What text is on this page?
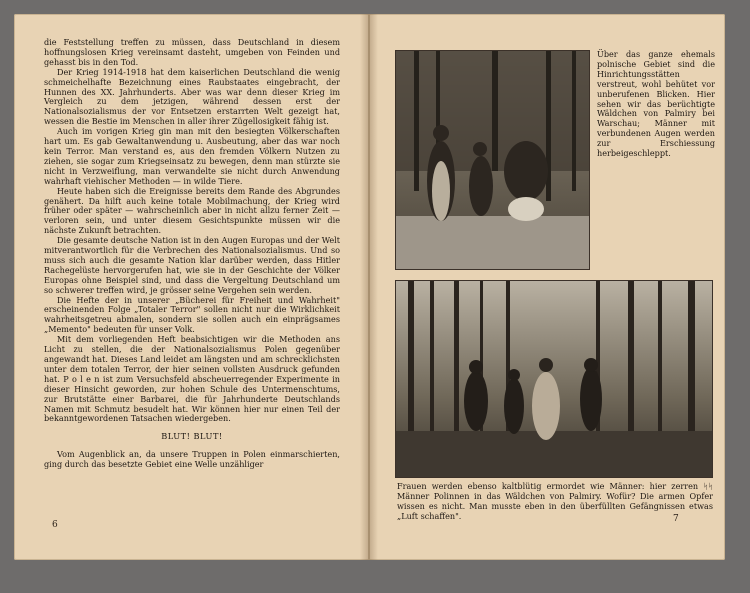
die Feststellung treffen zu müssen, dass Deutschland in diesem hoffnungslosen Krieg vereinsamt dasteht, umgeben von Feinden und gehasst bis in den Tod.

Der Krieg 1914-1918 hat dem kaiserlichen Deutschland die wenig schmeichelhafte Bezeichnung eines Raubstaates eingebracht, der Hunnen des XX. Jahrhunderts. Aber was war denn dieser Krieg im Vergleich zu dem jetzigen, während dessen erst der Nationalsozialismus der vor Entsetzen erstarrten Welt gezeigt hat, wessen die Bestie im Menschen in aller ihrer Zügellosigkeit fähig ist.

Auch im vorigen Krieg gin man mit den besiegten Völkerschaften hart um. Es gab Gewaltanwendung u. Ausbeutung, aber das war noch kein Terror. Man verstand es, aus den fremden Völkern Nutzen zu ziehen, sie sogar zum Kriegseinsatz zu bewegen, denn man stürzte sie nicht in Verzweiflung, man verwandelte sie nicht durch Anwendung wahrhaft viehischer Methoden — in wilde Tiere.

Heute haben sich die Ereignisse bereits dem Rande des Abgrundes genähert. Da hilft auch keine totale Mobilmachung, der Krieg wird früher oder später — wahrscheinlich aber in nicht allzu ferner Zeit — verloren sein, und unter diesem Gesichtspunkte müssen wir die nächste Zukunft betrachten.

Die gesamte deutsche Nation ist in den Augen Europas und der Welt mitverantwortlich für die Verbrechen des Nationalsozialismus. Und so muss sich auch die gesamte Nation klar darüber werden, dass Hitler Rachegelüste hervorgerufen hat, wie sie in der Geschichte der Völker Europas ohne Beispiel sind, und dass die Vergeltung Deutschland um so schwerer treffen wird, je grösser seine Vergehen sein werden.

Die Hefte der in unserer „Bücherei für Freiheit und Wahrheit" erscheinenden Folge „Totaler Terror" sollen nicht nur die Wirklichkeit wahrheitsgetreu abmalen, sondern sie sollen auch ein einprägsames „Memento" bedeuten für unser Volk.

Mit dem vorliegenden Heft beabsichtigen wir die Methoden ans Licht zu stellen, die der Nationalsozialismus Polen gegenüber angewandt hat. Dieses Land leidet am längsten und am schrecklichsten unter dem totalen Terror, der hier seinen vollsten Ausdruck gefunden hat. P o l e n ist zum Versuchsfeld abscheuerregender Experimente in dieser Hinsicht geworden, zur hohen Schule des Untermenschtums, zur Brutstätte einer Barbarei, die für Jahrhunderte Deutschlands Namen mit Schmutz besudelt hat. Wir können hier nur einen Teil der bekanntgewordenen Tatsachen wiedergeben.

BLUT! BLUT!

Vom Augenblick an, da unsere Truppen in Polen einmarschierten, ging durch das besetzte Gebiet eine Welle unzähliger

6

Über das ganze ehemals polnische Gebiet sind die Hinrichtungsstätten verstreut, wohl behütet vor unberufenen Blicken. Hier sehen wir das berüchtigte Wäldchen von Palmiry bei Warschau; Männer mit verbundenen Augen werden zur Erschiessung herbeigeschleppt.

Frauen werden ebenso kaltblütig ermordet wie Männer: hier zerren ᛋᛋ Männer Polinnen in das Wäldchen von Palmiry. Wofür? Die armen Opfer wissen es nicht. Man musste eben in den überfüllten Gefängnissen etwas „Luft schaffen".	7
